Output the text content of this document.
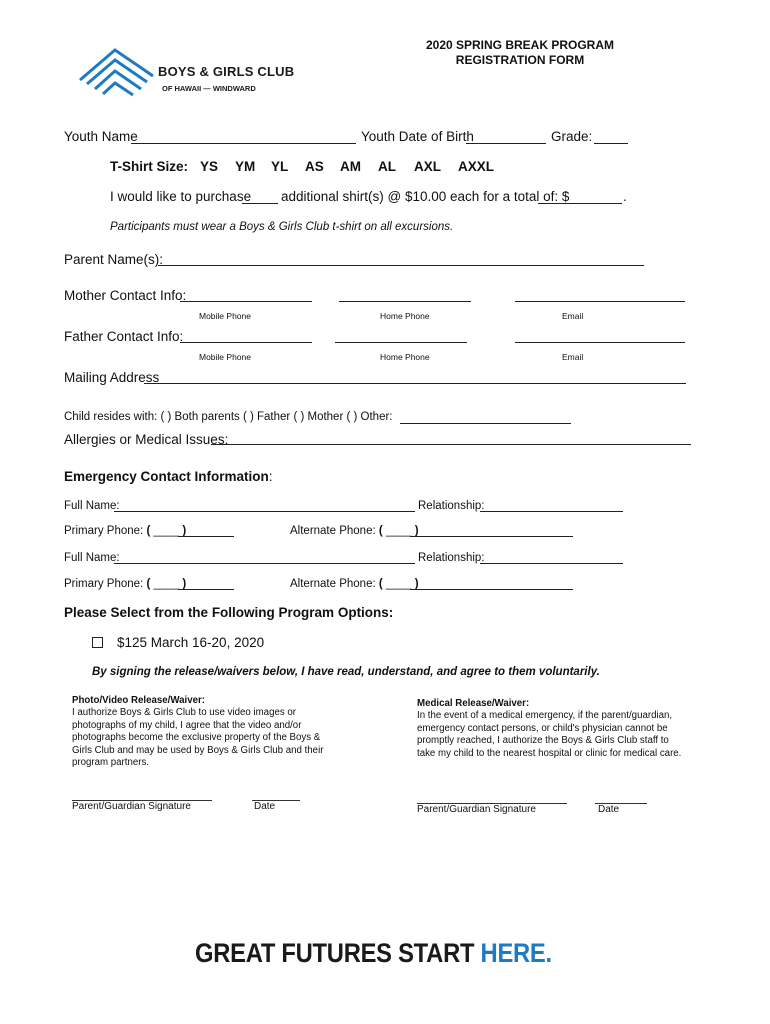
2020 SPRING BREAK PROGRAM
REGISTRATION FORM
BOYS & GIRLS CLUB
OF HAWAII — WINDWARD
Youth Name	Youth Date of Birth	Grade:
T-Shirt Size: YS YM YL AS AM AL AXL AXXL
I would like to purchase additional shirt(s) @ $10.00 each for a total of: $	.
Participants must wear a Boys & Girls Club t-shirt on all excursions.
Parent Name(s):
Mother Contact Info:
Mobile Phone	Home Phone	Email
Father Contact Info:
Mobile Phone	Home Phone	Email
Mailing Address
Child resides with: ( ) Both parents ( ) Father ( ) Mother ( ) Other:
Allergies or Medical Issues:
Emergency Contact Information:
Full Name:	Relationship:
Primary Phone: ( ____ )	Alternate Phone: ( ____ )
Full Name:	Relationship:
Primary Phone: ( ____ )	Alternate Phone: ( ____ )
Please Select from the Following Program Options:
$125 March 16-20, 2020
By signing the release/waivers below, I have read, understand, and agree to them voluntarily.
Photo/Video Release/Waiver:
I authorize Boys & Girls Club to use video images or photographs of my child, I agree that the video and/or photographs become the exclusive property of the Boys & Girls Club and may be used by Boys & Girls Club and their program partners.
Parent/Guardian Signature	Date
Medical Release/Waiver:
In the event of a medical emergency, if the parent/guardian, emergency contact persons, or child's physician cannot be promptly reached, I authorize the Boys & Girls Club staff to take my child to the nearest hospital or clinic for medical care.
Parent/Guardian Signature	Date
GREAT FUTURES START HERE.
